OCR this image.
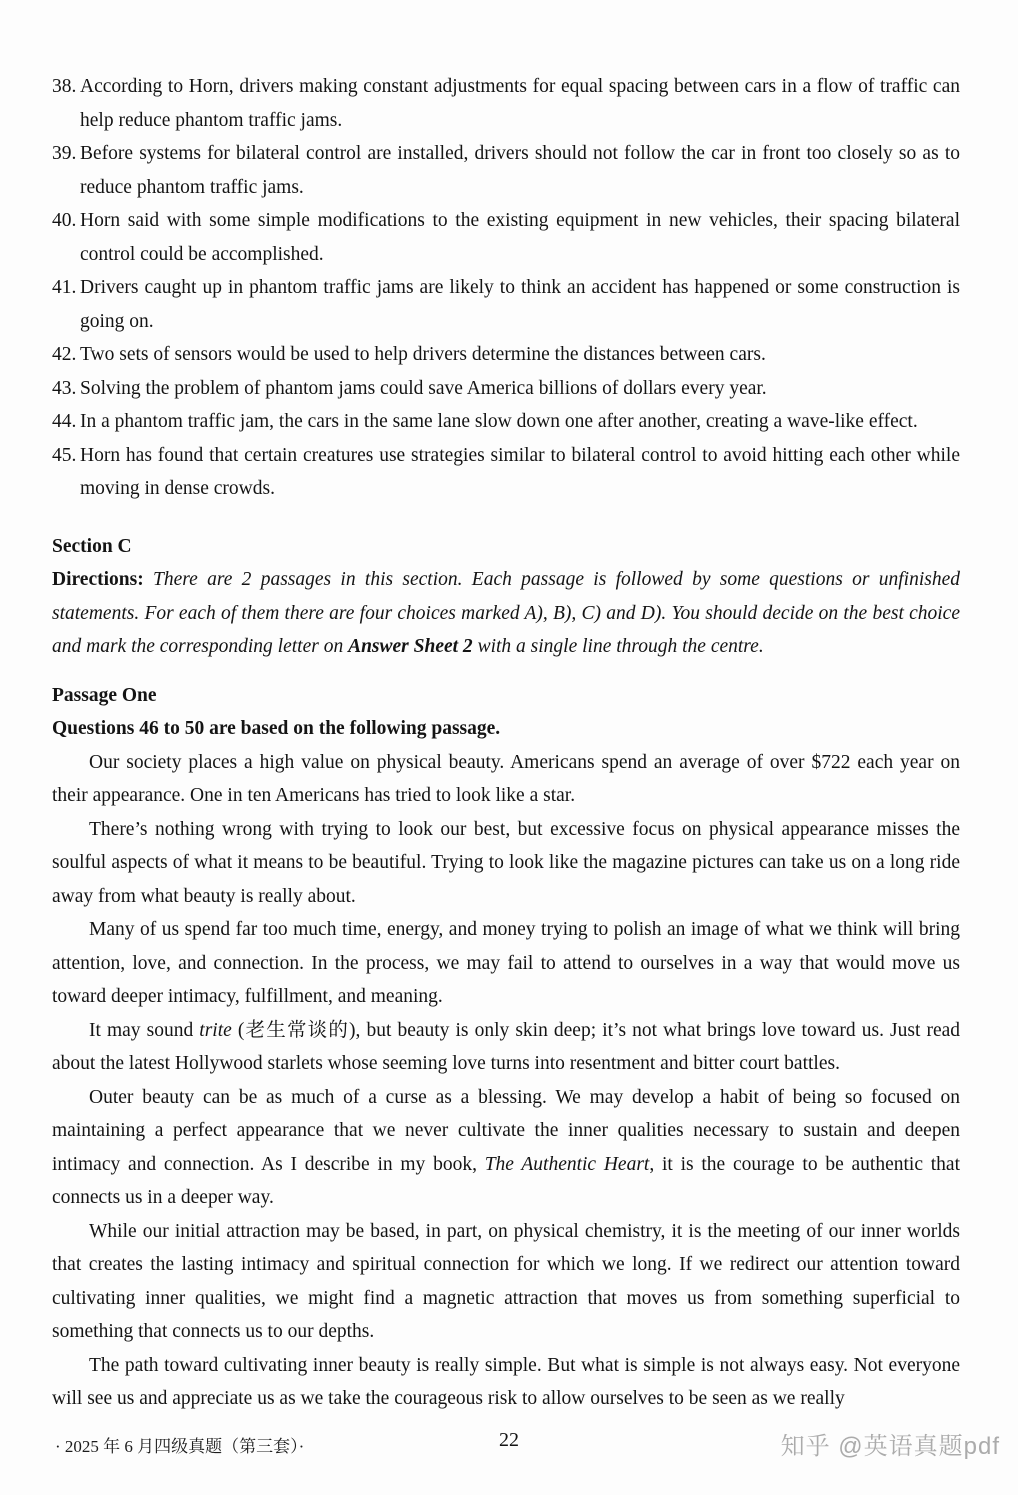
38. According to Horn, drivers making constant adjustments for equal spacing between cars in a flow of traffic can help reduce phantom traffic jams.
39. Before systems for bilateral control are installed, drivers should not follow the car in front too closely so as to reduce phantom traffic jams.
40. Horn said with some simple modifications to the existing equipment in new vehicles, their spacing bilateral control could be accomplished.
41. Drivers caught up in phantom traffic jams are likely to think an accident has happened or some construction is going on.
42. Two sets of sensors would be used to help drivers determine the distances between cars.
43. Solving the problem of phantom jams could save America billions of dollars every year.
44. In a phantom traffic jam, the cars in the same lane slow down one after another, creating a wave-like effect.
45. Horn has found that certain creatures use strategies similar to bilateral control to avoid hitting each other while moving in dense crowds.
Section C

Directions: There are 2 passages in this section. Each passage is followed by some questions or unfinished statements. For each of them there are four choices marked A), B), C) and D). You should decide on the best choice and mark the corresponding letter on Answer Sheet 2 with a single line through the centre.

Passage One
Questions 46 to 50 are based on the following passage.

Our society places a high value on physical beauty. Americans spend an average of over $722 each year on their appearance. One in ten Americans has tried to look like a star.

There’s nothing wrong with trying to look our best, but excessive focus on physical appearance misses the soulful aspects of what it means to be beautiful. Trying to look like the magazine pictures can take us on a long ride away from what beauty is really about.

Many of us spend far too much time, energy, and money trying to polish an image of what we think will bring attention, love, and connection. In the process, we may fail to attend to ourselves in a way that would move us toward deeper intimacy, fulfillment, and meaning.

It may sound trite (老生常谈的), but beauty is only skin deep; it’s not what brings love toward us. Just read about the latest Hollywood starlets whose seeming love turns into resentment and bitter court battles.

Outer beauty can be as much of a curse as a blessing. We may develop a habit of being so focused on maintaining a perfect appearance that we never cultivate the inner qualities necessary to sustain and deepen intimacy and connection. As I describe in my book, The Authentic Heart, it is the courage to be authentic that connects us in a deeper way.

While our initial attraction may be based, in part, on physical chemistry, it is the meeting of our inner worlds that creates the lasting intimacy and spiritual connection for which we long. If we redirect our attention toward cultivating inner qualities, we might find a magnetic attraction that moves us from something superficial to something that connects us to our depths.

The path toward cultivating inner beauty is really simple. But what is simple is not always easy. Not everyone will see us and appreciate us as we take the courageous risk to allow ourselves to be seen as we really

· 2025 年 6 月四级真题（第三套）·	22	知乎 @英语真题pdf
